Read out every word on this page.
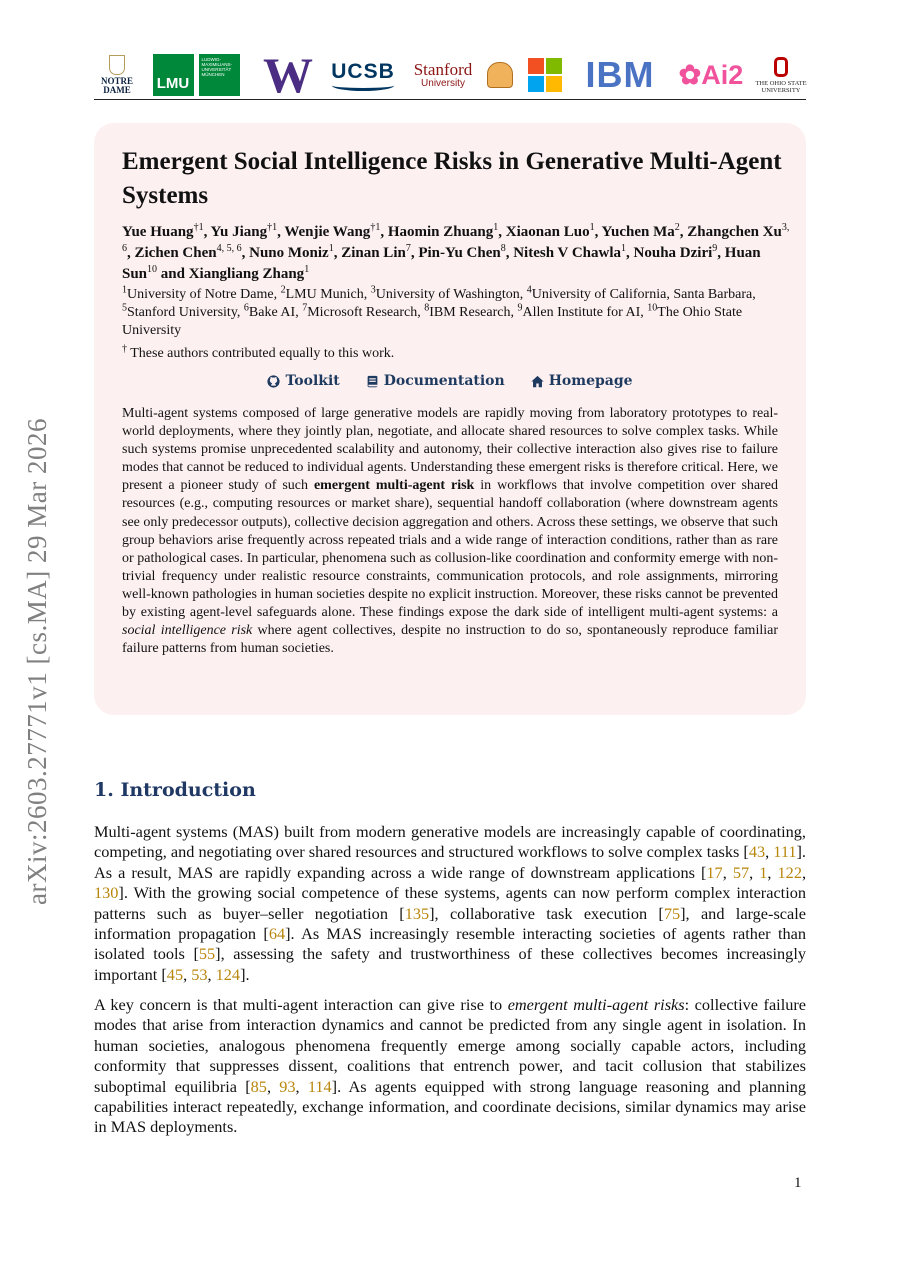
NOTRE
DAME LMU
LUDWIG-MAXIMILIANS-UNIVERSITÄT MÜNCHEN W UCSB Stanford
University	IBM ✿Ai2	THE OHIO STATE UNIVERSITY
arXiv:2603.27771v1 [cs.MA] 29 Mar 2026
Emergent Social Intelligence Risks in Generative Multi-Agent Systems
Yue Huang$^{\dagger 1}$, Yu Jiang$^{\dagger 1}$, Wenjie Wang$^{\dagger 1}$, Haomin Zhuang$^1$, Xiaonan Luo$^1$, Yuchen Ma$^2$, Zhangchen Xu$^{3, 6}$, Zichen Chen$^{4, 5, 6}$, Nuno Moniz$^1$, Zinan Lin$^7$, Pin-Yu Chen$^8$, Nitesh V Chawla$^1$, Nouha Dziri$^9$, Huan Sun$^{10}$ and Xiangliang Zhang$^1$
$^1$University of Notre Dame, $^2$LMU Munich, $^3$University of Washington, $^4$University of California, Santa Barbara, $^5$Stanford University, $^6$Bake AI, $^7$Microsoft Research, $^8$IBM Research, $^9$Allen Institute for AI, $^{10}$The Ohio State University
† These authors contributed equally to this work.
Toolkit	Documentation	Homepage
Multi-agent systems composed of large generative models are rapidly moving from laboratory prototypes to real-world deployments, where they jointly plan, negotiate, and allocate shared resources to solve complex tasks. While such systems promise unprecedented scalability and autonomy, their collective interaction also gives rise to failure modes that cannot be reduced to individual agents. Understanding these emergent risks is therefore critical. Here, we present a pioneer study of such emergent multi-agent risk in workflows that involve competition over shared resources (e.g., computing resources or market share), sequential handoff collaboration (where downstream agents see only predecessor outputs), collective decision aggregation and others. Across these settings, we observe that such group behaviors arise frequently across repeated trials and a wide range of interaction conditions, rather than as rare or pathological cases. In particular, phenomena such as collusion-like coordination and conformity emerge with non-trivial frequency under realistic resource constraints, communication protocols, and role assignments, mirroring well-known pathologies in human societies despite no explicit instruction. Moreover, these risks cannot be prevented by existing agent-level safeguards alone. These findings expose the dark side of intelligent multi-agent systems: a social intelligence risk where agent collectives, despite no instruction to do so, spontaneously reproduce familiar failure patterns from human societies.
1. Introduction
Multi-agent systems (MAS) built from modern generative models are increasingly capable of coordinating, competing, and negotiating over shared resources and structured workflows to solve complex tasks [43, 111]. As a result, MAS are rapidly expanding across a wide range of downstream applications [17, 57, 1, 122, 130]. With the growing social competence of these systems, agents can now perform complex interaction patterns such as buyer–seller negotiation [135], collaborative task execution [75], and large-scale information propagation [64]. As MAS increasingly resemble interacting societies of agents rather than isolated tools [55], assessing the safety and trustworthiness of these collectives becomes increasingly important [45, 53, 124].
A key concern is that multi-agent interaction can give rise to emergent multi-agent risks: collective failure modes that arise from interaction dynamics and cannot be predicted from any single agent in isolation. In human societies, analogous phenomena frequently emerge among socially capable actors, including conformity that suppresses dissent, coalitions that entrench power, and tacit collusion that stabilizes suboptimal equilibria [85, 93, 114]. As agents equipped with strong language reasoning and planning capabilities interact repeatedly, exchange information, and coordinate decisions, similar dynamics may arise in MAS deployments.
1
